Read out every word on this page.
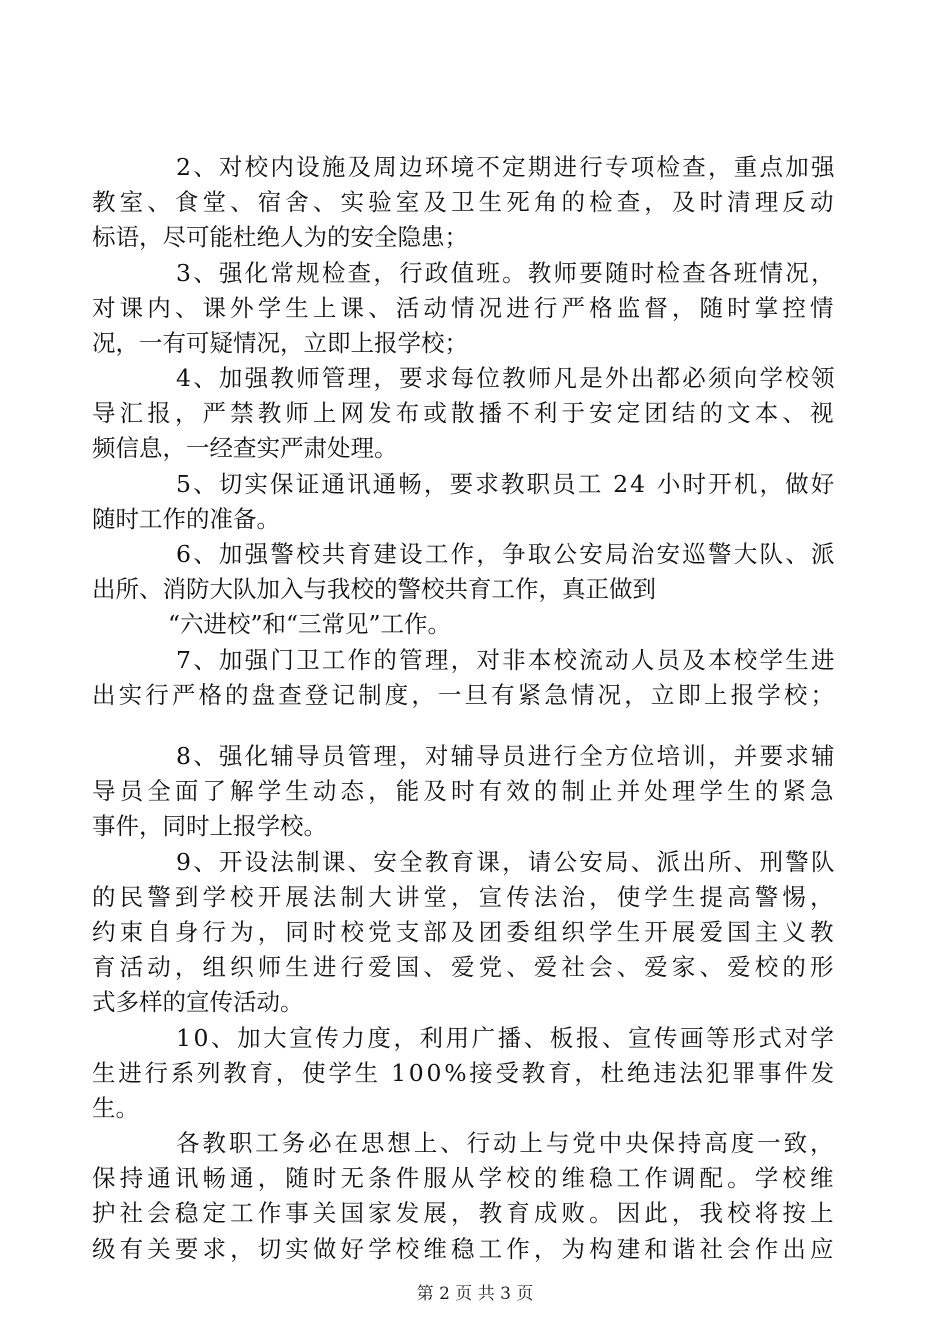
2、对校内设施及周边环境不定期进行专项检查，重点加强
教室、食堂、宿舍、实验室及卫生死角的检查，及时清理反动
标语，尽可能杜绝人为的安全隐患；
3、强化常规检查，行政值班。教师要随时检查各班情况，
对课内、课外学生上课、活动情况进行严格监督，随时掌控情
况，一有可疑情况，立即上报学校；
4、加强教师管理，要求每位教师凡是外出都必须向学校领
导汇报，严禁教师上网发布或散播不利于安定团结的文本、视
频信息，一经查实严肃处理。
5、切实保证通讯通畅，要求教职员工 24 小时开机，做好
随时工作的准备。
6、加强警校共育建设工作，争取公安局治安巡警大队、派
出所、消防大队加入与我校的警校共育工作，真正做到
“六进校”和“三常见”工作。
7、加强门卫工作的管理，对非本校流动人员及本校学生进
出实行严格的盘查登记制度，一旦有紧急情况，立即上报学校；
8、强化辅导员管理，对辅导员进行全方位培训，并要求辅
导员全面了解学生动态，能及时有效的制止并处理学生的紧急
事件，同时上报学校。
9、开设法制课、安全教育课，请公安局、派出所、刑警队
的民警到学校开展法制大讲堂，宣传法治，使学生提高警惕，
约束自身行为，同时校党支部及团委组织学生开展爱国主义教
育活动，组织师生进行爱国、爱党、爱社会、爱家、爱校的形
式多样的宣传活动。
10、加大宣传力度，利用广播、板报、宣传画等形式对学
生进行系列教育，使学生 100%接受教育，杜绝违法犯罪事件发
生。
各教职工务必在思想上、行动上与党中央保持高度一致，
保持通讯畅通，随时无条件服从学校的维稳工作调配。学校维
护社会稳定工作事关国家发展，教育成败。因此，我校将按上
级有关要求，切实做好学校维稳工作，为构建和谐社会作出应
第 2 页 共 3 页
